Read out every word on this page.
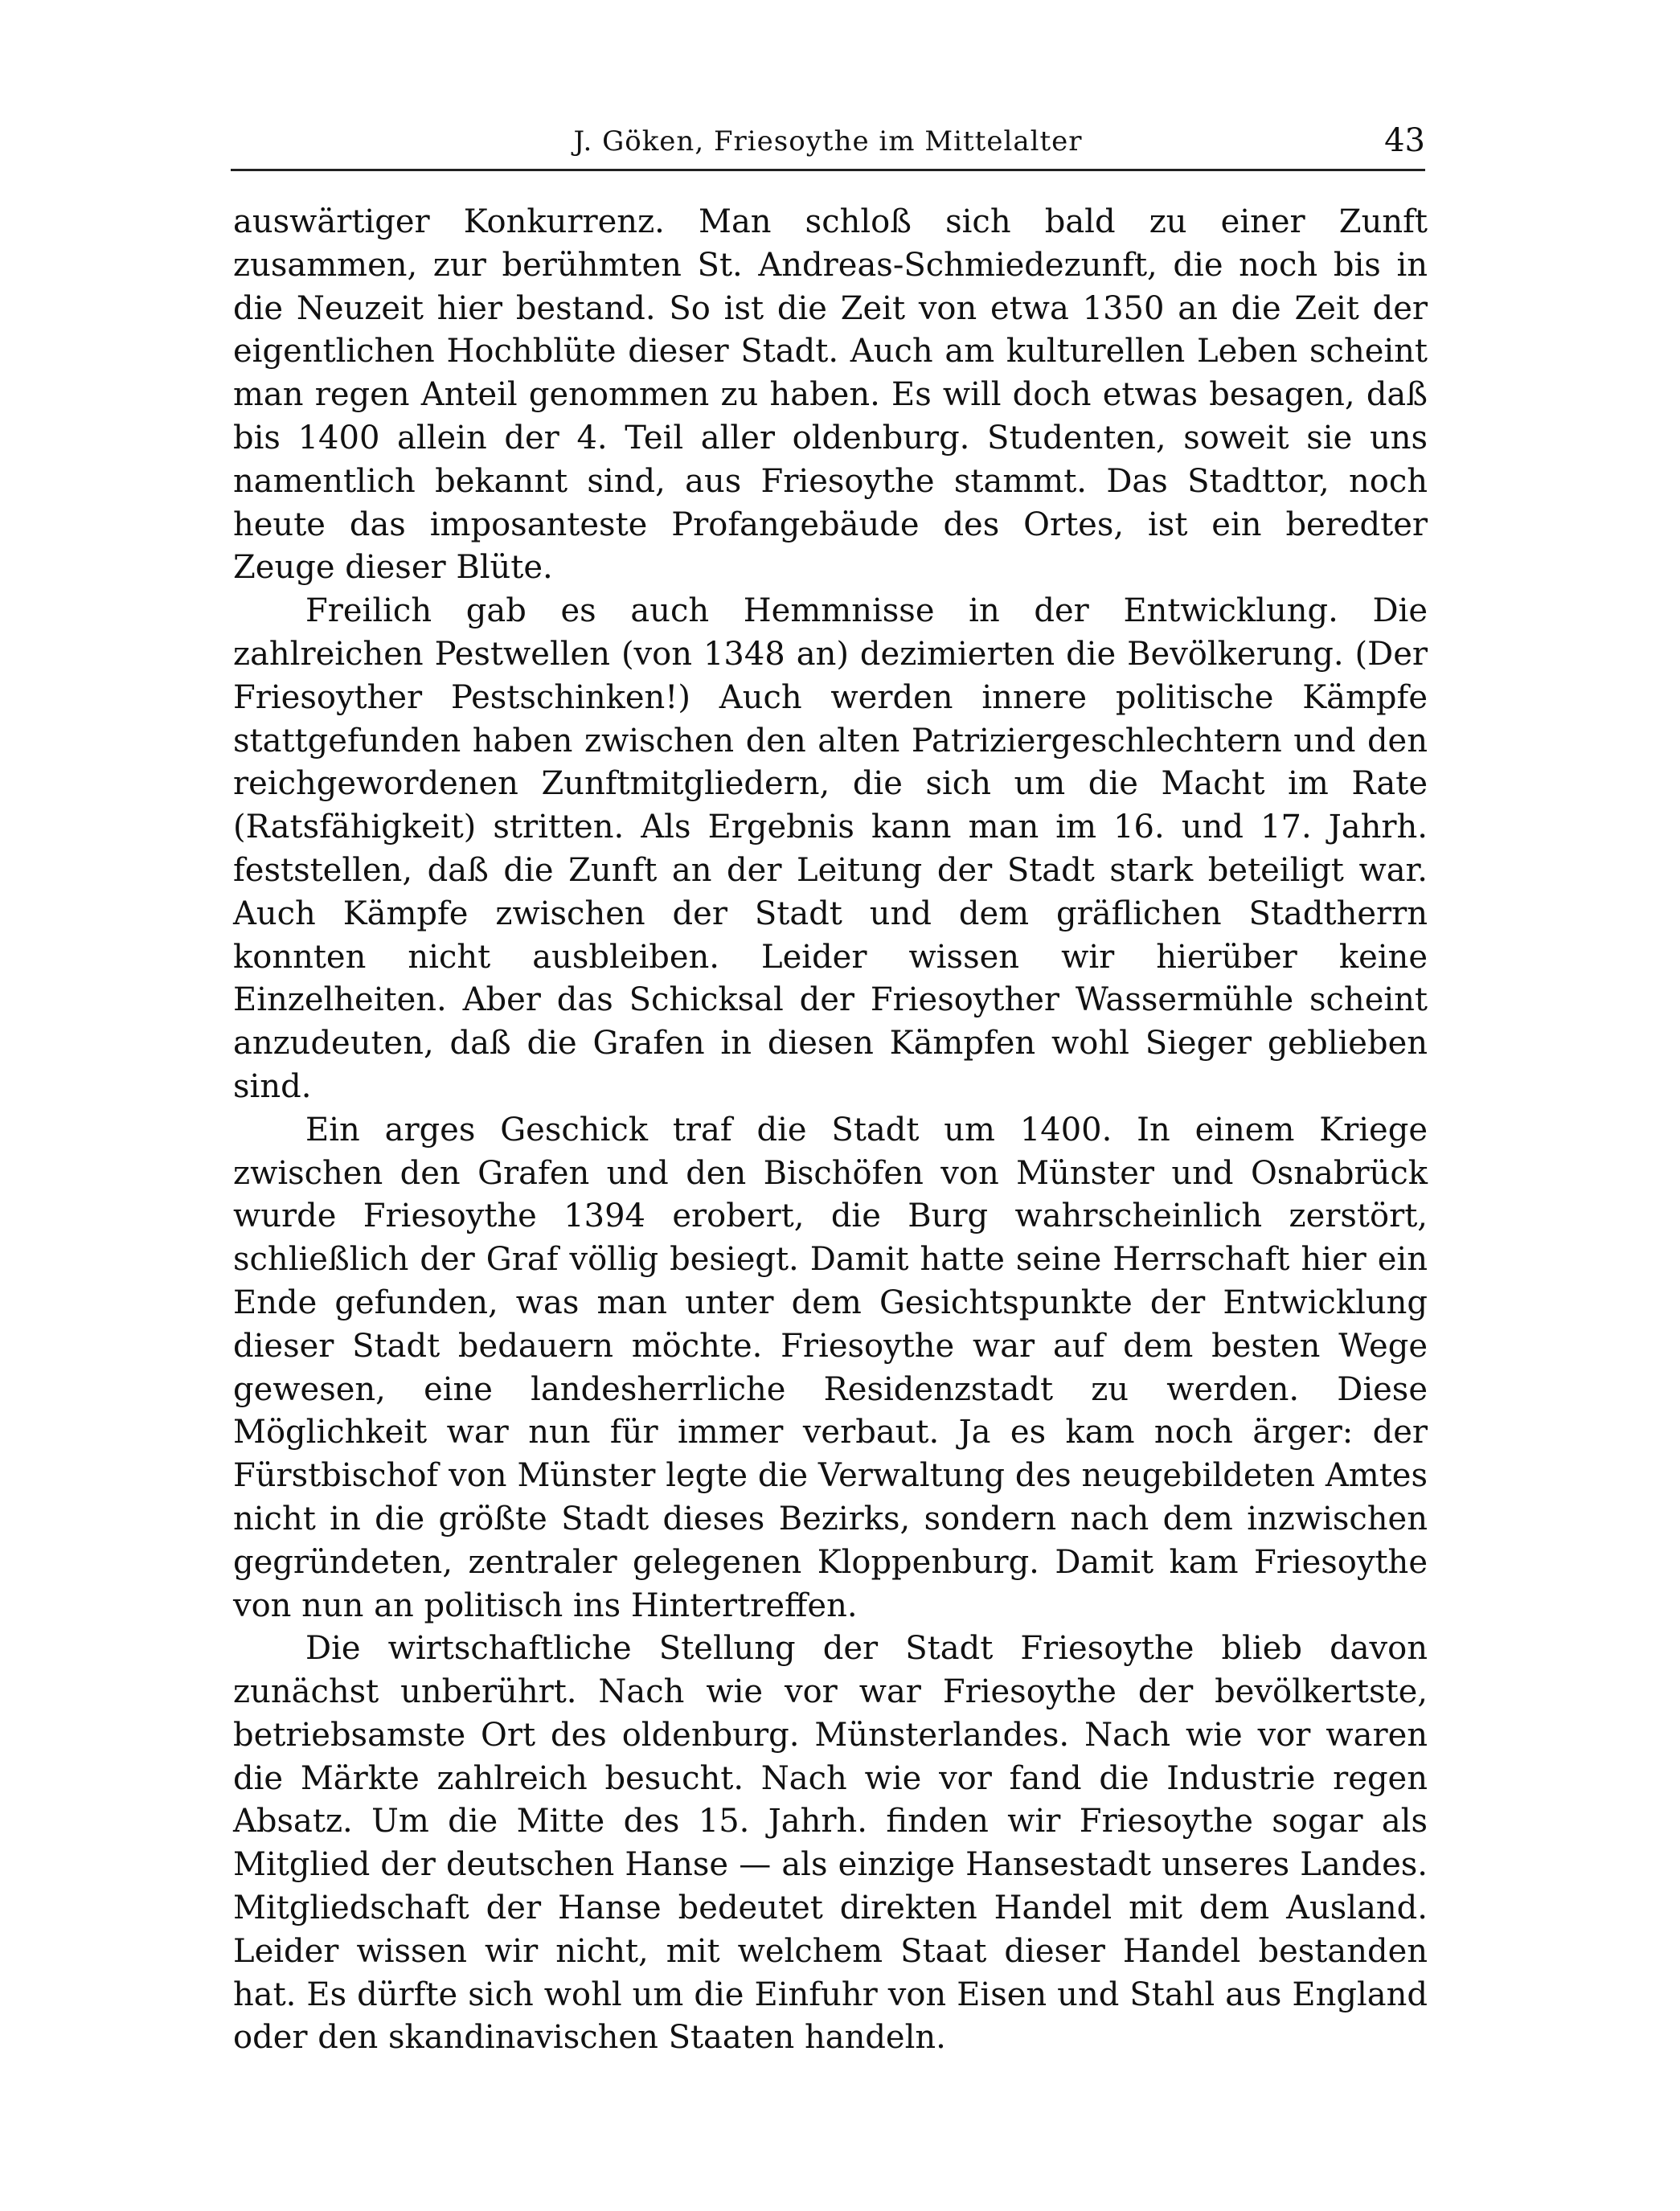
J. Göken, Friesoythe im Mittelalter	43

auswärtiger Konkurrenz. Man schloß sich bald zu einer Zunft zusammen, zur berühmten St. Andreas-Schmiedezunft, die noch bis in die Neuzeit hier bestand. So ist die Zeit von etwa 1350 an die Zeit der eigentlichen Hochblüte dieser Stadt. Auch am kulturellen Leben scheint man regen Anteil genommen zu haben. Es will doch etwas besagen, daß bis 1400 allein der 4. Teil aller oldenburg. Studenten, soweit sie uns namentlich bekannt sind, aus Friesoythe stammt. Das Stadttor, noch heute das imposanteste Profangebäude des Ortes, ist ein beredter Zeuge dieser Blüte.

Freilich gab es auch Hemmnisse in der Entwicklung. Die zahlreichen Pestwellen (von 1348 an) dezimierten die Bevölkerung. (Der Friesoyther Pestschinken!) Auch werden innere politische Kämpfe stattgefunden haben zwischen den alten Patriziergeschlechtern und den reichgewordenen Zunftmitgliedern, die sich um die Macht im Rate (Ratsfähigkeit) stritten. Als Ergebnis kann man im 16. und 17. Jahrh. feststellen, daß die Zunft an der Leitung der Stadt stark beteiligt war. Auch Kämpfe zwischen der Stadt und dem gräflichen Stadtherrn konnten nicht ausbleiben. Leider wissen wir hierüber keine Einzelheiten. Aber das Schicksal der Friesoyther Wassermühle scheint anzudeuten, daß die Grafen in diesen Kämpfen wohl Sieger geblieben sind.

Ein arges Geschick traf die Stadt um 1400. In einem Kriege zwischen den Grafen und den Bischöfen von Münster und Osnabrück wurde Friesoythe 1394 erobert, die Burg wahrscheinlich zerstört, schließlich der Graf völlig besiegt. Damit hatte seine Herrschaft hier ein Ende gefunden, was man unter dem Gesichtspunkte der Entwicklung dieser Stadt bedauern möchte. Friesoythe war auf dem besten Wege gewesen, eine landesherrliche Residenzstadt zu werden. Diese Möglichkeit war nun für immer verbaut. Ja es kam noch ärger: der Fürstbischof von Münster legte die Verwaltung des neugebildeten Amtes nicht in die größte Stadt dieses Bezirks, sondern nach dem inzwischen gegründeten, zentraler gelegenen Kloppenburg. Damit kam Friesoythe von nun an politisch ins Hintertreffen.

Die wirtschaftliche Stellung der Stadt Friesoythe blieb davon zunächst unberührt. Nach wie vor war Friesoythe der bevölkertste, betriebsamste Ort des oldenburg. Münsterlandes. Nach wie vor waren die Märkte zahlreich besucht. Nach wie vor fand die Industrie regen Absatz. Um die Mitte des 15. Jahrh. finden wir Friesoythe sogar als Mitglied der deutschen Hanse — als einzige Hansestadt unseres Landes. Mitgliedschaft der Hanse bedeutet direkten Handel mit dem Ausland. Leider wissen wir nicht, mit welchem Staat dieser Handel bestanden hat. Es dürfte sich wohl um die Einfuhr von Eisen und Stahl aus England oder den skandinavischen Staaten handeln.
